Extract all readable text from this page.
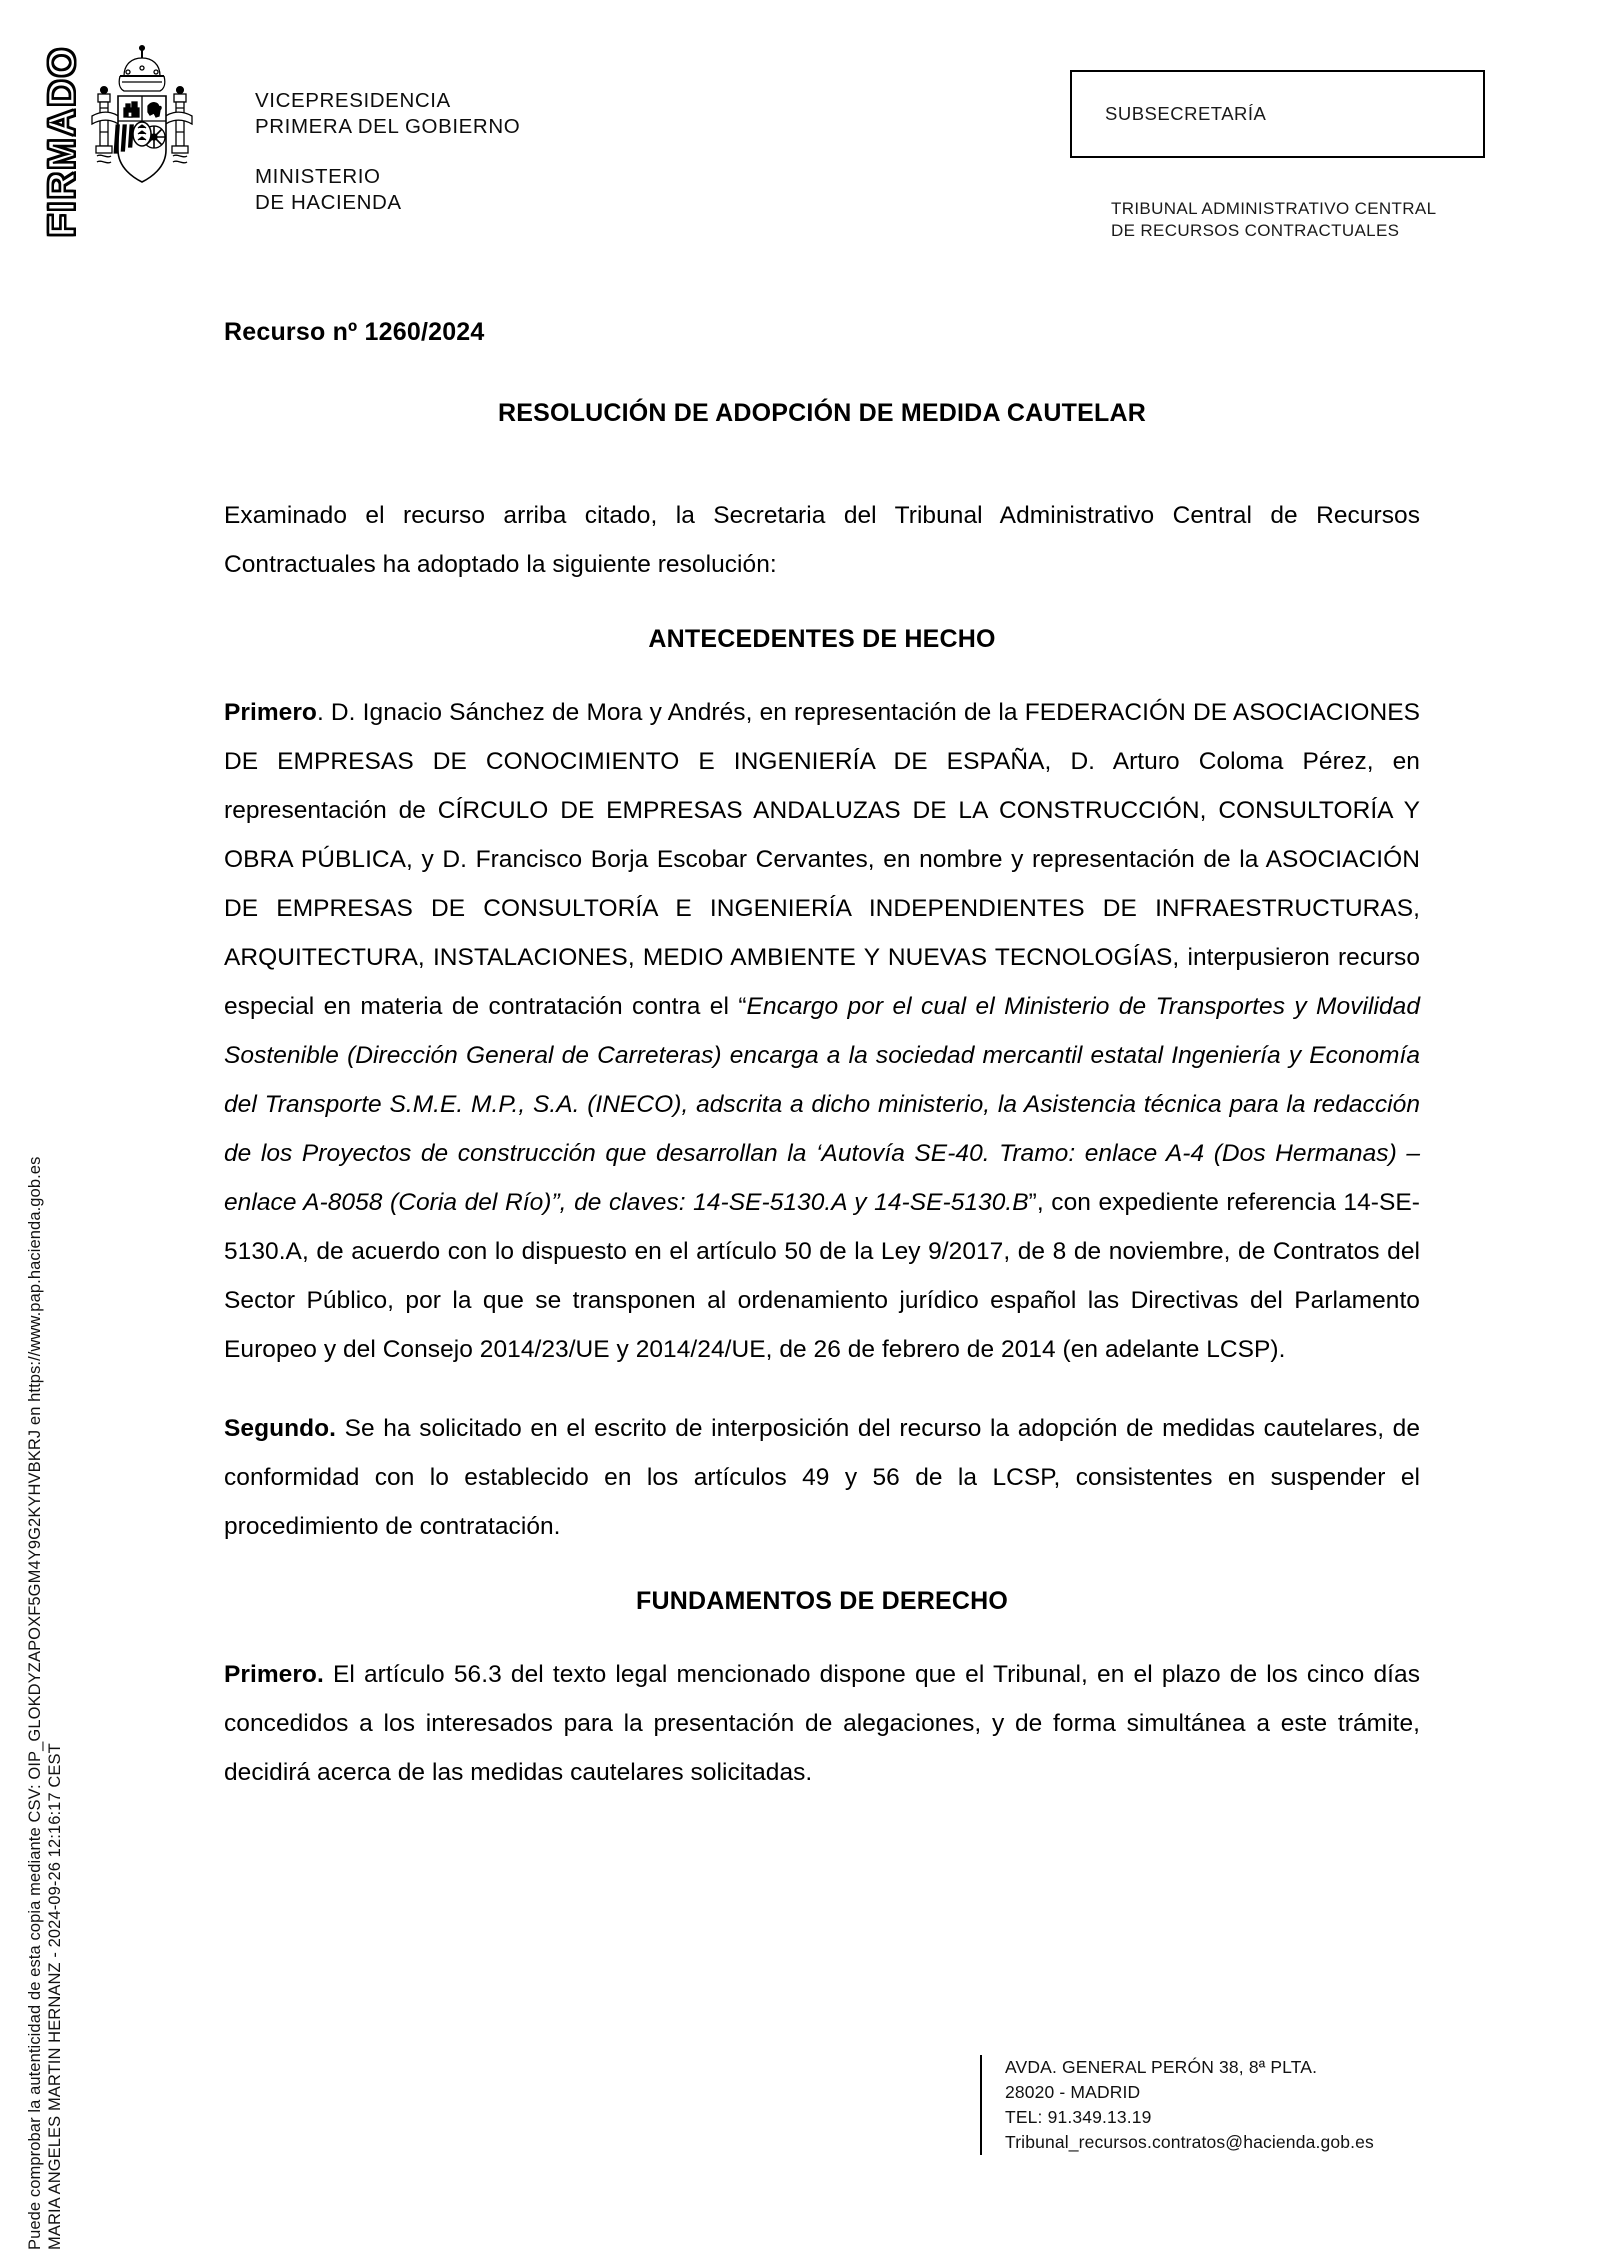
FIRMADO
Puede comprobar la autenticidad de esta copia mediante CSV: OIP_GLOKDYZAPOXF5GM4Y9G2KYHVBKRJ en https://www.pap.hacienda.gob.es MARIA ANGELES MARTIN HERNANZ - 2024-09-26 12:16:17 CEST
VICEPRESIDENCIA
PRIMERA DEL GOBIERNO
MINISTERIO
DE HACIENDA
SUBSECRETARÍA
TRIBUNAL ADMINISTRATIVO CENTRAL
DE RECURSOS CONTRACTUALES
Recurso nº 1260/2024
RESOLUCIÓN DE ADOPCIÓN DE MEDIDA CAUTELAR

Examinado el recurso arriba citado, la Secretaria del Tribunal Administrativo Central de Recursos Contractuales ha adoptado la siguiente resolución:

ANTECEDENTES DE HECHO

Primero. D. Ignacio Sánchez de Mora y Andrés, en representación de la FEDERACIÓN DE ASOCIACIONES DE EMPRESAS DE CONOCIMIENTO E INGENIERÍA DE ESPAÑA, D. Arturo Coloma Pérez, en representación de CÍRCULO DE EMPRESAS ANDALUZAS DE LA CONSTRUCCIÓN, CONSULTORÍA Y OBRA PÚBLICA, y D. Francisco Borja Escobar Cervantes, en nombre y representación de la ASOCIACIÓN DE EMPRESAS DE CONSULTORÍA E INGENIERÍA INDEPENDIENTES DE INFRAESTRUCTURAS, ARQUITECTURA, INSTALACIONES, MEDIO AMBIENTE Y NUEVAS TECNOLOGÍAS, interpusieron recurso especial en materia de contratación contra el “Encargo por el cual el Ministerio de Transportes y Movilidad Sostenible (Dirección General de Carreteras) encarga a la sociedad mercantil estatal Ingeniería y Economía del Transporte S.M.E. M.P., S.A. (INECO), adscrita a dicho ministerio, la Asistencia técnica para la redacción de los Proyectos de construcción que desarrollan la ‘Autovía SE-40. Tramo: enlace A-4 (Dos Hermanas) – enlace A-8058 (Coria del Río)”, de claves: 14-SE-5130.A y 14-SE-5130.B”, con expediente referencia 14-SE-5130.A, de acuerdo con lo dispuesto en el artículo 50 de la Ley 9/2017, de 8 de noviembre, de Contratos del Sector Público, por la que se transponen al ordenamiento jurídico español las Directivas del Parlamento Europeo y del Consejo 2014/23/UE y 2014/24/UE, de 26 de febrero de 2014 (en adelante LCSP).

Segundo. Se ha solicitado en el escrito de interposición del recurso la adopción de medidas cautelares, de conformidad con lo establecido en los artículos 49 y 56 de la LCSP, consistentes en suspender el procedimiento de contratación.

FUNDAMENTOS DE DERECHO

Primero. El artículo 56.3 del texto legal mencionado dispone que el Tribunal, en el plazo de los cinco días concedidos a los interesados para la presentación de alegaciones, y de forma simultánea a este trámite, decidirá acerca de las medidas cautelares solicitadas.

AVDA. GENERAL PERÓN 38, 8ª PLTA.
28020 - MADRID
TEL: 91.349.13.19
Tribunal_recursos.contratos@hacienda.gob.es
